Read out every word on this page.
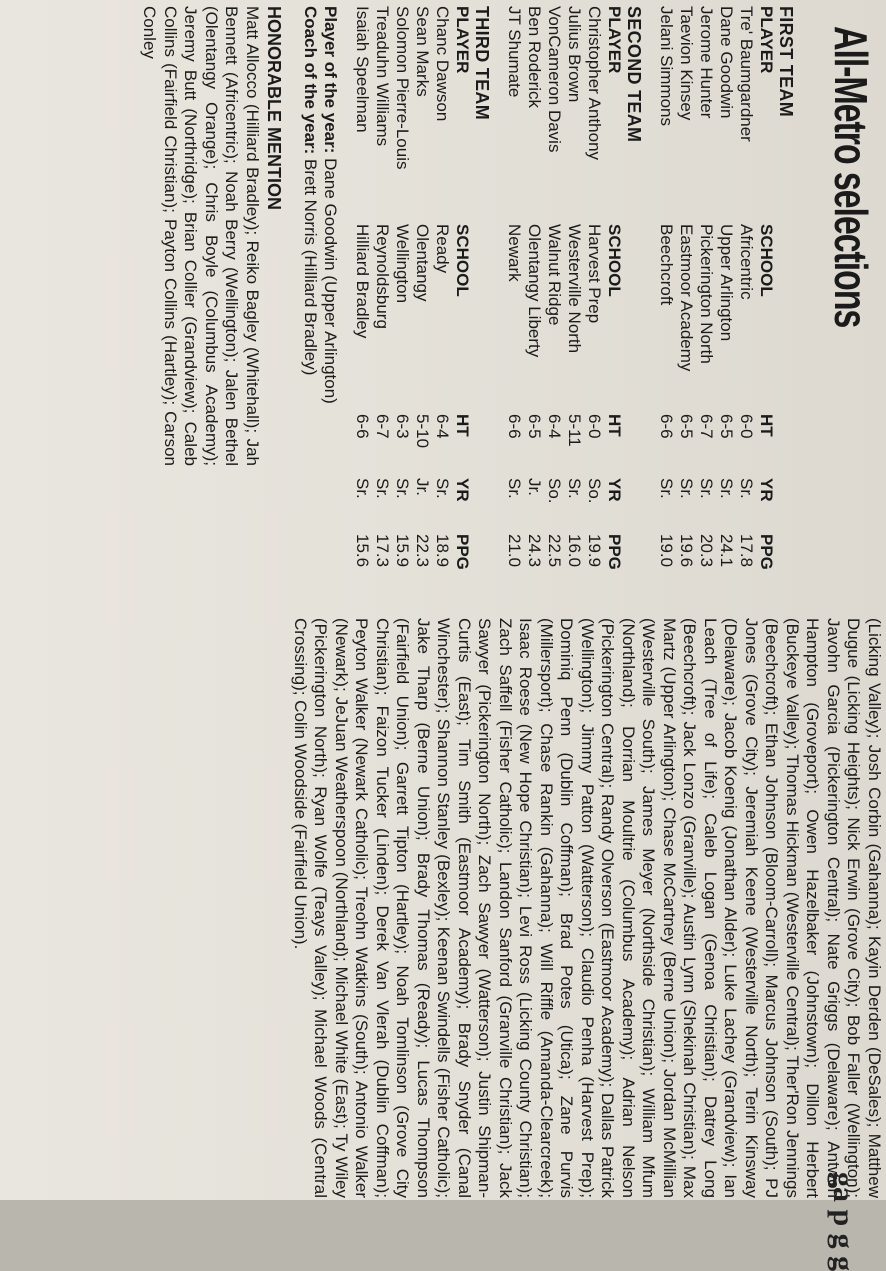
All-Metro selections
FIRST TEAM
PLAYER	SCHOOL	HT	YR	PPG
Tre' Baumgardner	Africentric	6-0	Sr.	17.8
Dane Goodwin	Upper Arlington	6-5	Sr.	24.1
Jerome Hunter	Pickerington North	6-7	Sr.	20.3
Taevion Kinsey	Eastmoor Academy	6-5	Sr.	19.6
Jelani Simmons	Beechcroft	6-6	Sr.	19.0
SECOND TEAM
PLAYER	SCHOOL	HT	YR	PPG
Christopher Anthony	Harvest Prep	6-0	So.	19.9
Julius Brown	Westerville North	5-11	Sr.	16.0
VonCameron Davis	Walnut Ridge	6-4	So.	22.5
Ben Roderick	Olentangy Liberty	6-5	Jr.	24.3
JT Shumate	Newark	6-6	Sr.	21.0
THIRD TEAM
PLAYER	SCHOOL	HT	YR	PPG
Chanc Dawson	Ready	6-4	Sr.	18.9
Sean Marks	Olentangy	5-10	Jr.	22.3
Solomon Pierre-Louis	Wellington	6-3	Sr.	15.9
Treaduhn Williams	Reynoldsburg	6-7	Sr.	17.3
Isaiah Speelman	Hilliard Bradley	6-6	Sr.	15.6
Player of the year: Dane Goodwin (Upper Arlington)
Coach of the year: Brett Norris (Hilliard Bradley)
HONORABLE MENTION
Matt Allocco (Hilliard Bradley); Reiko Bagley (Whitehall); Jah Bennett (Africentric); Noah Berry (Wellington); Jalen Bethel (Olentangy Orange); Chris Boyle (Columbus Academy); Jeremy Butt (Northridge); Brian Collier (Grandview); Caleb Collins (Fairfield Christian); Payton Collins (Hartley); Carson Conley
(Licking Valley); Josh Corbin (Gahanna); Kayin Derden (DeSales); Matthew Dugue (Licking Heights); Nick Erwin (Grove City); Bob Faller (Wellington); Javohn Garcia (Pickerington Central); Nate Griggs (Delaware); Antwon Hampton (Groveport); Owen Hazelbaker (Johnstown); Dillon Herbert (Buckeye Valley); Thomas Hickman (Westerville Central); Ther'Ron Jennings (Beechcroft); Ethan Johnson (Bloom-Carroll); Marcus Johnson (South); PJ Jones (Grove City); Jeremiah Keene (Westerville North); Terin Kinsway (Delaware); Jacob Koenig (Jonathan Alder); Luke Lachey (Grandview); Ian Leach (Tree of Life); Caleb Logan (Genoa Christian); Datrey Long (Beechcroft); Jack Lonzo (Granville); Austin Lynn (Shekinah Christian); Max Martz (Upper Arlington); Chase McCartney (Berne Union); Jordan McMillian (Westerville South); James Meyer (Northside Christian); William Mfum (Northland); Dorrian Moultrie (Columbus Academy); Adrian Nelson (Pickerington Central); Randy Olverson (Eastmoor Academy); Dallas Patrick (Wellington); Jimmy Patton (Watterson); Claudio Penha (Harvest Prep); Dominiq Penn (Dublin Coffman); Brad Potes (Utica); Zane Purvis (Millersport); Chase Rankin (Gahanna); Will Riffle (Amanda-Clearcreek); Isaac Roese (New Hope Christian); Levi Ross (Licking County Christian); Zach Saffell (Fisher Catholic); Landon Sanford (Granville Christian); Jack Sawyer (Pickerington North); Zach Sawyer (Watterson); Justin Shipman-Curtis (East); Tim Smith (Eastmoor Academy); Brady Snyder (Canal Winchester); Shannon Stanley (Bexley); Keenan Swindells (Fisher Catholic); Jake Tharp (Berne Union); Brady Thomas (Ready); Lucas Thompson (Fairfield Union); Garrett Tipton (Hartley); Noah Tomlinson (Grove City Christian); Faizon Tucker (Linden); Derek Van Vlerah (Dublin Coffman); Peyton Walker (Newark Catholic); Treohn Watkins (South); Antonio Walker (Newark); JeJuan Weatherspoon (Northland); Michael White (East); Ty Wiley (Pickerington North); Ryan Wolfe (Teays Valley); Michael Woods (Central Crossing); Colin Woodside (Fairfield Union).
ga p g g
